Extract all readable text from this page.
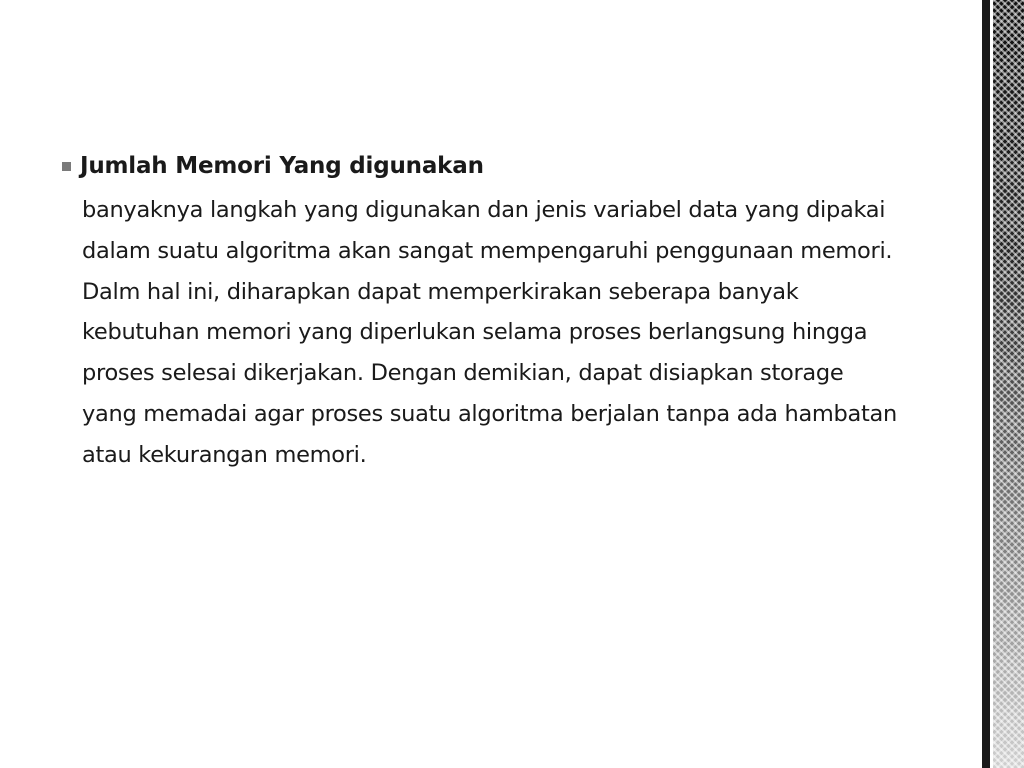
Jumlah Memori Yang digunakan
banyaknya langkah yang digunakan dan jenis variabel data yang dipakai dalam suatu algoritma akan sangat mempengaruhi penggunaan memori. Dalm hal ini, diharapkan dapat memperkirakan seberapa banyak kebutuhan memori yang diperlukan selama proses berlangsung hingga proses selesai dikerjakan. Dengan demikian, dapat disiapkan storage yang memadai agar proses suatu algoritma berjalan tanpa ada hambatan atau kekurangan memori.
